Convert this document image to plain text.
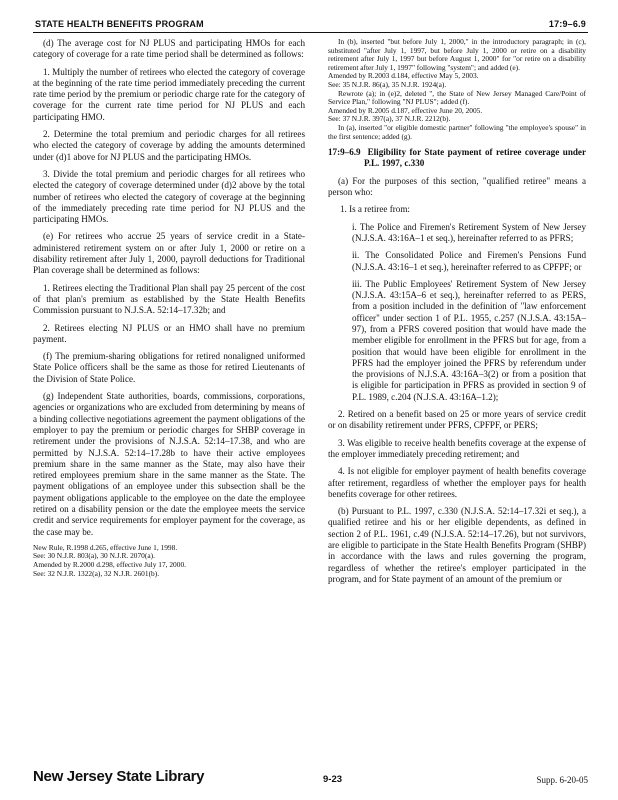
STATE HEALTH BENEFITS PROGRAM	17:9–6.9

(d) The average cost for NJ PLUS and participating HMOs for each category of coverage for a rate time period shall be determined as follows:

1. Multiply the number of retirees who elected the category of coverage at the beginning of the rate time period immediately preceding the current rate time period by the premium or periodic charge rate for the category of coverage for the current rate time period for NJ PLUS and each participating HMO.

2. Determine the total premium and periodic charges for all retirees who elected the category of coverage by adding the amounts determined under (d)1 above for NJ PLUS and the participating HMOs.

3. Divide the total premium and periodic charges for all retirees who elected the category of coverage determined under (d)2 above by the total number of retirees who elected the category of coverage at the beginning of the immediately preceding rate time period for NJ PLUS and the participating HMOs.

(e) For retirees who accrue 25 years of service credit in a State-administered retirement system on or after July 1, 2000 or retire on a disability retirement after July 1, 2000, payroll deductions for Traditional Plan coverage shall be determined as follows:

1. Retirees electing the Traditional Plan shall pay 25 percent of the cost of that plan's premium as established by the State Health Benefits Commission pursuant to N.J.S.A. 52:14–17.32b; and

2. Retirees electing NJ PLUS or an HMO shall have no premium payment.

(f) The premium-sharing obligations for retired nonaligned uniformed State Police officers shall be the same as those for retired Lieutenants of the Division of State Police.

(g) Independent State authorities, boards, commissions, corporations, agencies or organizations who are excluded from determining by means of a binding collective negotiations agreement the payment obligations of the employer to pay the premium or periodic charges for SHBP coverage in retirement under the provisions of N.J.S.A. 52:14–17.38, and who are permitted by N.J.S.A. 52:14–17.28b to have their active employees premium share in the same manner as the State, may also have their retired employees premium share in the same manner as the State. The payment obligations of an employee under this subsection shall be the payment obligations applicable to the employee on the date the employee retired on a disability pension or the date the employee meets the service credit and service requirements for employer payment for the coverage, as the case may be.

New Rule, R.1998 d.265, effective June 1, 1998.

See: 30 N.J.R. 803(a), 30 N.J.R. 2070(a).

Amended by R.2000 d.298, effective July 17, 2000.

See: 32 N.J.R. 1322(a), 32 N.J.R. 2601(b).

In (b), inserted "but before July 1, 2000," in the introductory paragraph; in (c), substituted "after July 1, 1997, but before July 1, 2000 or retire on a disability retirement after July 1, 1997 but before August 1, 2000" for "or retire on a disability retirement after July 1, 1997" following "system"; and added (e).

Amended by R.2003 d.184, effective May 5, 2003.

See: 35 N.J.R. 86(a), 35 N.J.R. 1924(a).

Rewrote (a); in (e)2, deleted ", the State of New Jersey Managed Care/Point of Service Plan," following "NJ PLUS"; added (f).

Amended by R.2005 d.187, effective June 20, 2005.

See: 37 N.J.R. 397(a), 37 N.J.R. 2212(b).

In (a), inserted "or eligible domestic partner" following "the employee's spouse" in the first sentence; added (g).

17:9–6.9 Eligibility for State payment of retiree coverage under P.L. 1997, c.330

(a) For the purposes of this section, "qualified retiree" means a person who:

1. Is a retiree from:

i. The Police and Firemen's Retirement System of New Jersey (N.J.S.A. 43:16A–1 et seq.), hereinafter referred to as PFRS;

ii. The Consolidated Police and Firemen's Pensions Fund (N.J.S.A. 43:16–1 et seq.), hereinafter referred to as CPFPF; or

iii. The Public Employees' Retirement System of New Jersey (N.J.S.A. 43:15A–6 et seq.), hereinafter referred to as PERS, from a position included in the definition of "law enforcement officer" under section 1 of P.L. 1955, c.257 (N.J.S.A. 43:15A–97), from a PFRS covered position that would have made the member eligible for enrollment in the PFRS but for age, from a position that would have been eligible for enrollment in the PFRS had the employer joined the PFRS by referendum under the provisions of N.J.S.A. 43:16A–3(2) or from a position that is eligible for participation in PFRS as provided in section 9 of P.L. 1989, c.204 (N.J.S.A. 43:16A–1.2);

2. Retired on a benefit based on 25 or more years of service credit or on disability retirement under PFRS, CPFPF, or PERS;

3. Was eligible to receive health benefits coverage at the expense of the employer immediately preceding retirement; and

4. Is not eligible for employer payment of health benefits coverage after retirement, regardless of whether the employer pays for health benefits coverage for other retirees.

(b) Pursuant to P.L. 1997, c.330 (N.J.S.A. 52:14–17.32i et seq.), a qualified retiree and his or her eligible dependents, as defined in section 2 of P.L. 1961, c.49 (N.J.S.A. 52:14–17.26), but not survivors, are eligible to participate in the State Health Benefits Program (SHBP) in accordance with the laws and rules governing the program, regardless of whether the retiree's employer participated in the program, and for State payment of an amount of the premium or

New Jersey State Library	9-23	Supp. 6-20-05
